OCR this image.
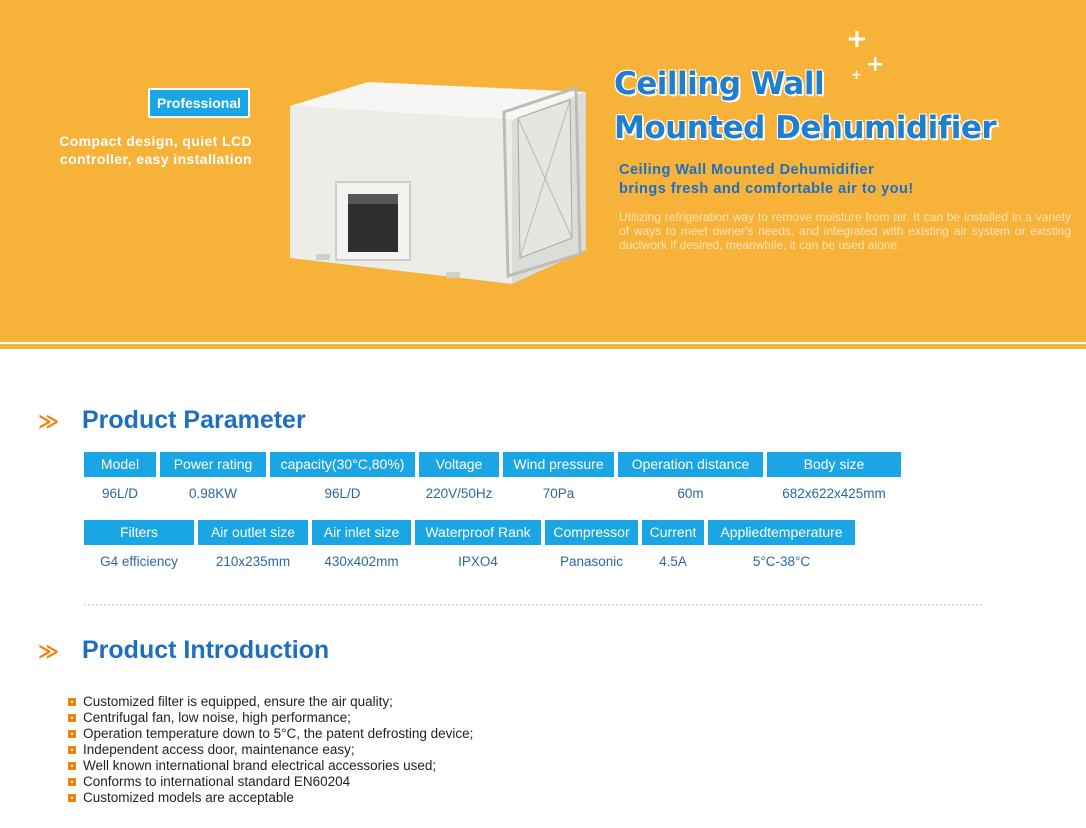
Professional
Compact design, quiet LCD
controller, easy installation
+
+
+
Ceilling Wall
Mounted Dehumidifier
Ceiling Wall Mounted Dehumidifier
brings fresh and comfortable air to you!
Utilizing refrigeration way to remove moisture from air. It can be installed in a variety of ways to meet owner's needs, and integrated with existing air system or existing ductwork if desired, meanwhile, it can be used alone.
≫ Product Parameter
Model
96L/D
Power rating
0.98KW
capacity(30°C,80%)
96L/D
Voltage
220V/50Hz
Wind pressure
70Pa
Operation distance
60m
Body size
682x622x425mm
Filters
G4 efficiency
Air outlet size
210x235mm
Air inlet size
430x402mm
Waterproof Rank
IPXO4
Compressor
Panasonic
Current
4.5A
Appliedtemperature
5°C-38°C
≫ Product Introduction
Customized filter is equipped, ensure the air quality;
Centrifugal fan, low noise, high performance;
Operation temperature down to 5°C, the patent defrosting device;
Independent access door, maintenance easy;
Well known international brand electrical accessories used;
Conforms to international standard EN60204
Customized models are acceptable
